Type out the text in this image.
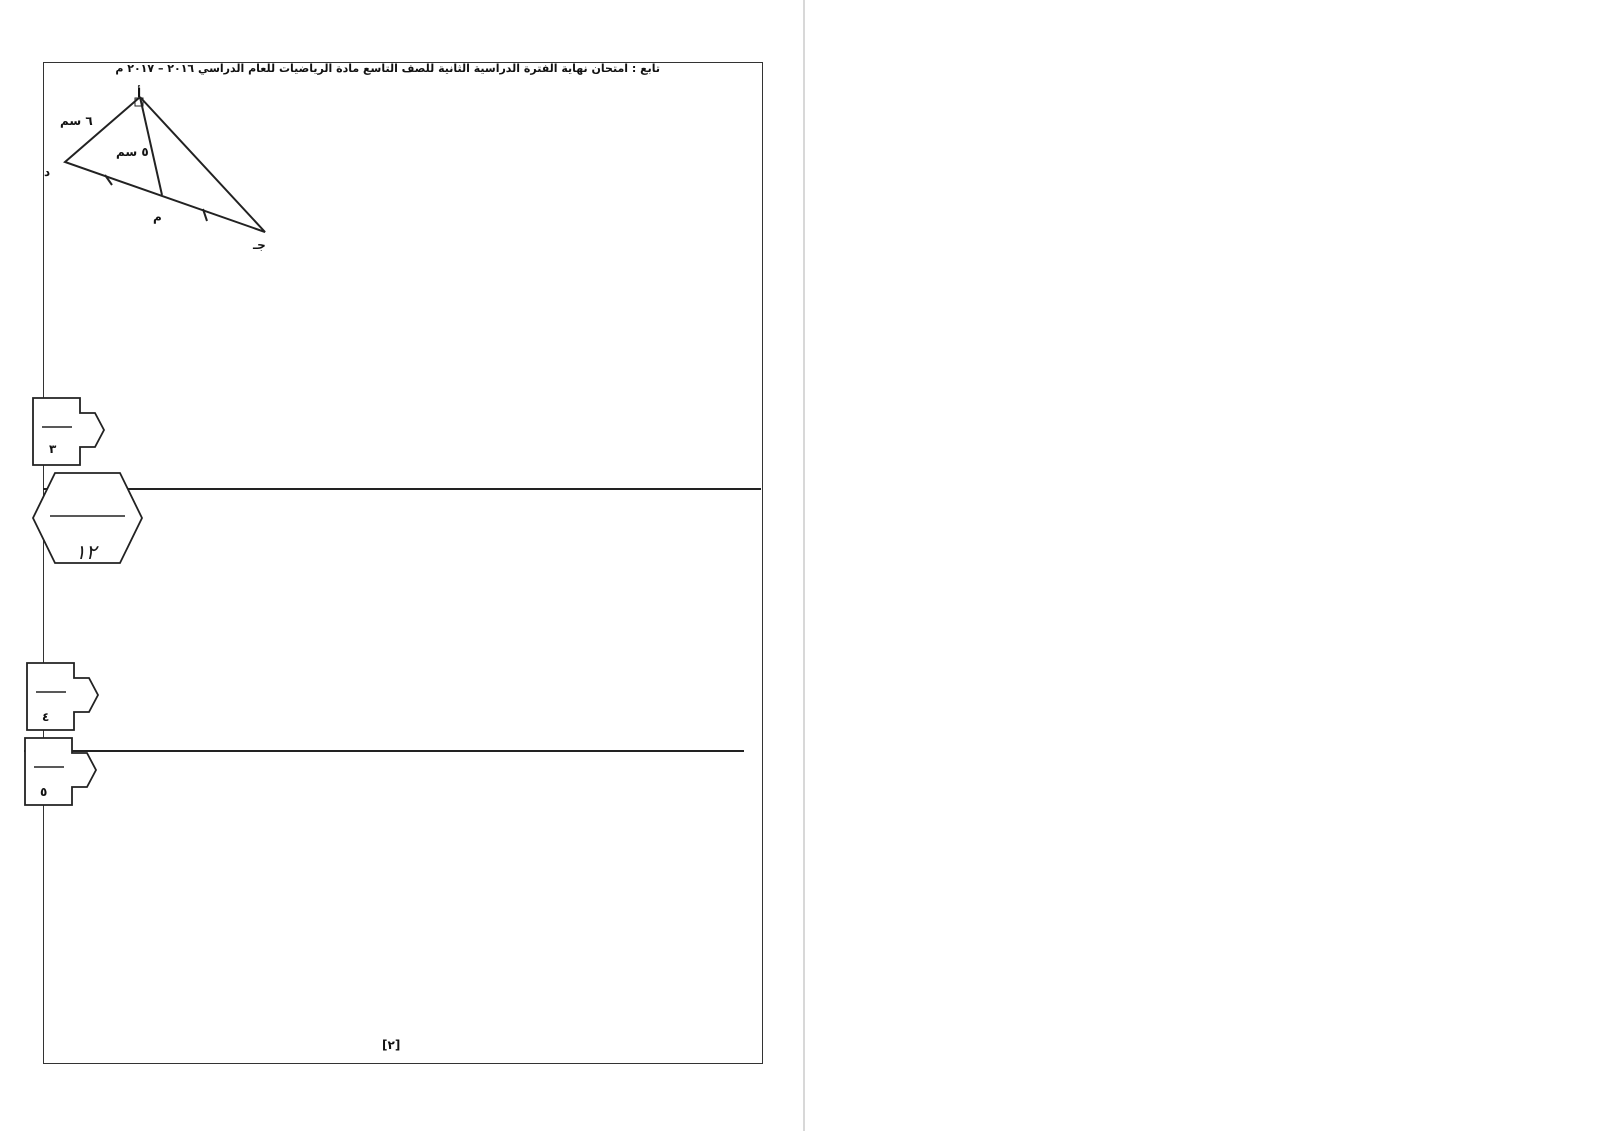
تابع : امتحان نهاية الفترة الدراسية الثانية للصف التاسع مادة الرياضيات للعام الدراسي ٢٠١٦ – ٢٠١٧ م
أ
د
جـ
م
٦ سم
٥ سم
٣
١٢
٤
٥
[٢]
